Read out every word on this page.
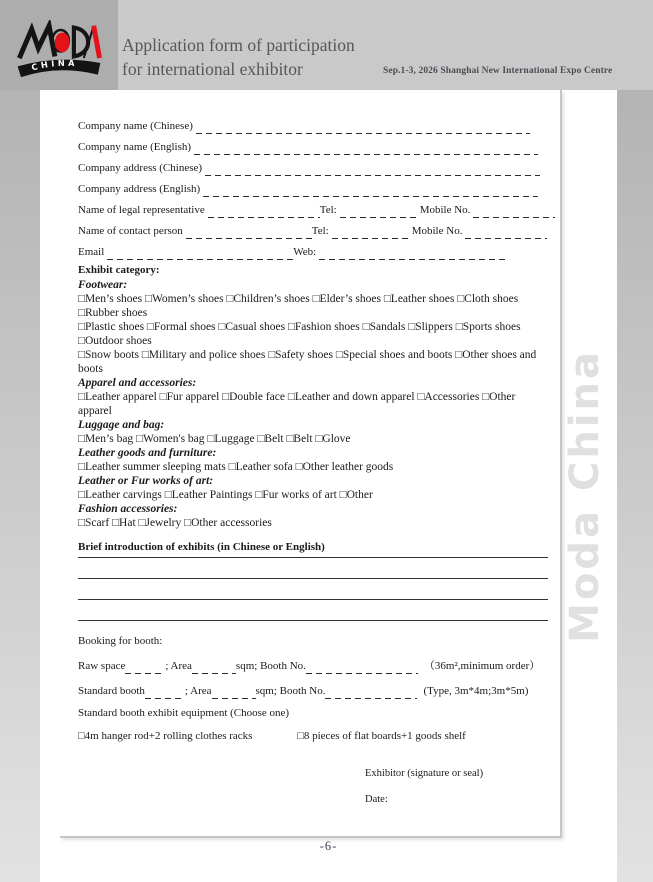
CHINA
Application form of participation
for international exhibitor	Sep.1-3, 2026 Shanghai New International Expo Centre
Company name (Chinese)
Company name (English)
Company address (Chinese)
Company address (English)
Name of legal representative	Tel:	Mobile No.
Name of contact person	Tel:	Mobile No.
Email	Web:
Exhibit category:
Footwear:
□Men’s shoes □Women’s shoes □Children’s shoes □Elder’s shoes □Leather shoes □Cloth shoes □Rubber shoes
□Plastic shoes □Formal shoes □Casual shoes □Fashion shoes □Sandals □Slippers □Sports shoes □Outdoor shoes
□Snow boots □Military and police shoes □Safety shoes □Special shoes and boots □Other shoes and boots
Apparel and accessories:
□Leather apparel □Fur apparel □Double face □Leather and down apparel □Accessories □Other apparel
Luggage and bag:
□Men’s bag □Women's bag □Luggage □Belt □Belt □Glove
Leather goods and furniture:
□Leather summer sleeping mats □Leather sofa □Other leather goods
Leather or Fur works of art:
□Leather carvings □Leather Paintings □Fur works of art □Other
Fashion accessories:
□Scarf □Hat □Jewelry □Other accessories
Brief introduction of exhibits (in Chinese or English)
Booking for booth:
Raw space	; Area	sqm; Booth No.	（36m²,minimum order）
Standard booth	; Area	sqm; Booth No.	(Type, 3m*4m;3m*5m)
Standard booth exhibit equipment (Choose one)
□4m hanger rod+2 rolling clothes racks	□8 pieces of flat boards+1 goods shelf
Exhibitor (signature or seal)
Date:
Moda China
-6-
